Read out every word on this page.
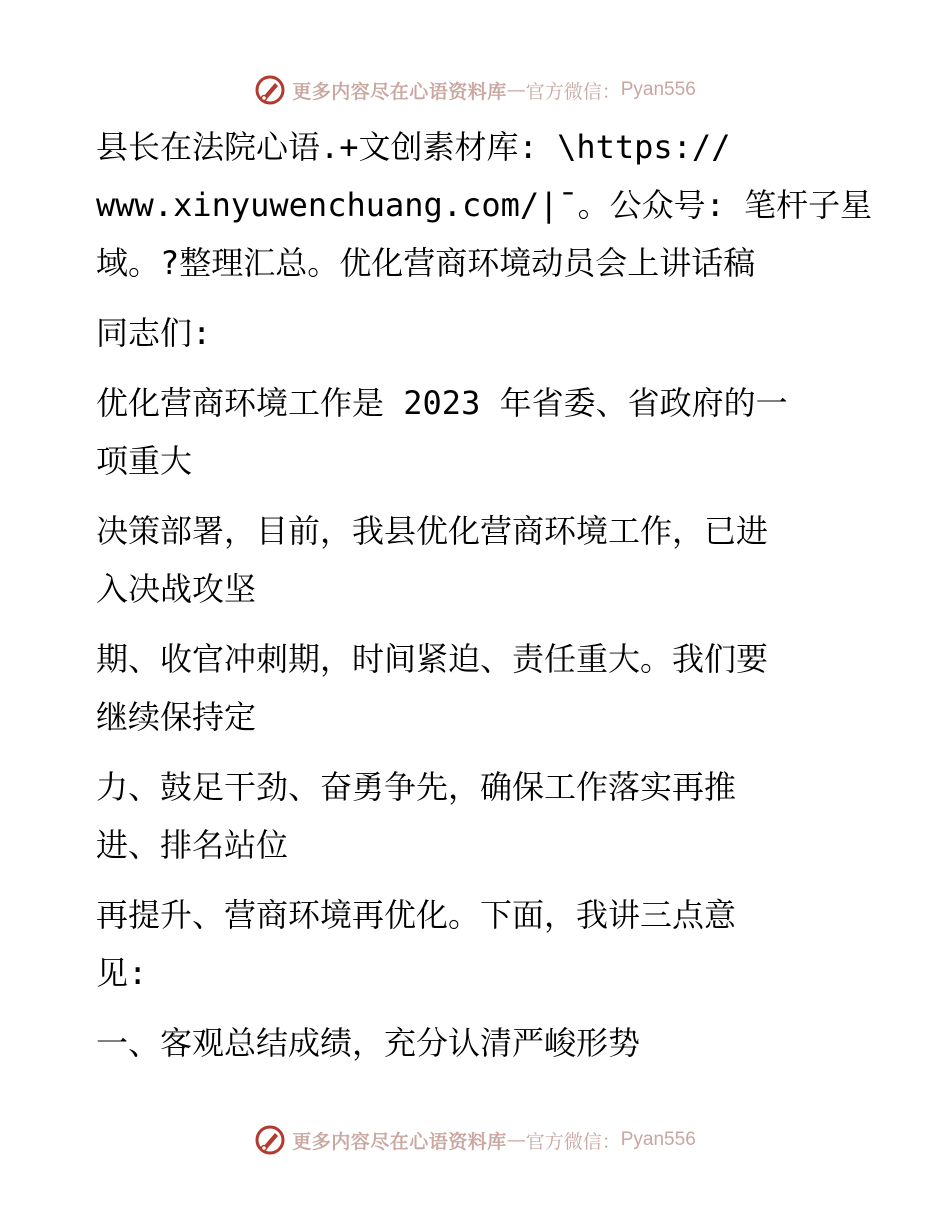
更多内容尽在心语资料库 — 官方微信： Pyan556

县长在法院心语.+文创素材库: \https://
www.xinyuwenchuang.com/|¯。公众号: 笔杆子星
域。?整理汇总。优化营商环境动员会上讲话稿

同志们:

优化营商环境工作是 2023 年省委、省政府的一
项重大

决策部署，目前，我县优化营商环境工作，已进
入决战攻坚

期、收官冲刺期，时间紧迫、责任重大。我们要
继续保持定

力、鼓足干劲、奋勇争先，确保工作落实再推
进、排名站位

再提升、营商环境再优化。下面，我讲三点意
见:

一、客观总结成绩，充分认清严峻形势

更多内容尽在心语资料库 — 官方微信： Pyan556
